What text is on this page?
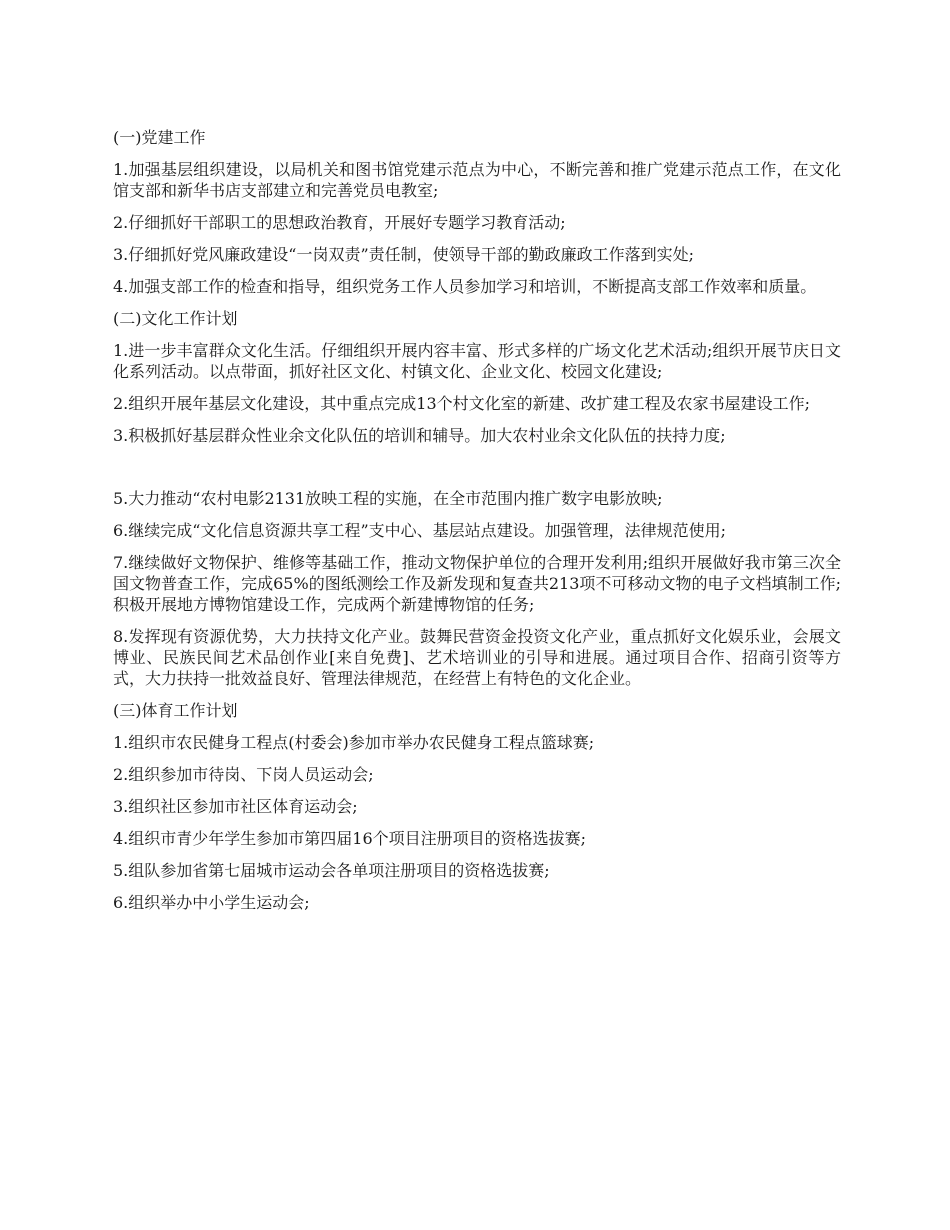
(一)党建工作

1.加强基层组织建设，以局机关和图书馆党建示范点为中心，不断完善和推广党建示范点工作，在文化馆支部和新华书店支部建立和完善党员电教室;

2.仔细抓好干部职工的思想政治教育，开展好专题学习教育活动;

3.仔细抓好党风廉政建设“一岗双责”责任制，使领导干部的勤政廉政工作落到实处;

4.加强支部工作的检查和指导，组织党务工作人员参加学习和培训，不断提高支部工作效率和质量。

(二)文化工作计划

1.进一步丰富群众文化生活。仔细组织开展内容丰富、形式多样的广场文化艺术活动;组织开展节庆日文化系列活动。以点带面，抓好社区文化、村镇文化、企业文化、校园文化建设;

2.组织开展年基层文化建设，其中重点完成13个村文化室的新建、改扩建工程及农家书屋建设工作;

3.积极抓好基层群众性业余文化队伍的培训和辅导。加大农村业余文化队伍的扶持力度;

5.大力推动“农村电影2131放映工程的实施，在全市范围内推广数字电影放映;

6.继续完成“文化信息资源共享工程”支中心、基层站点建设。加强管理，法律规范使用;

7.继续做好文物保护、维修等基础工作，推动文物保护单位的合理开发利用;组织开展做好我市第三次全国文物普查工作，完成65%的图纸测绘工作及新发现和复查共213项不可移动文物的电子文档填制工作;积极开展地方博物馆建设工作，完成两个新建博物馆的任务;

8.发挥现有资源优势，大力扶持文化产业。鼓舞民营资金投资文化产业，重点抓好文化娱乐业，会展文博业、民族民间艺术品创作业[来自免费]、艺术培训业的引导和进展。通过项目合作、招商引资等方式，大力扶持一批效益良好、管理法律规范，在经营上有特色的文化企业。

(三)体育工作计划

1.组织市农民健身工程点(村委会)参加市举办农民健身工程点篮球赛;

2.组织参加市待岗、下岗人员运动会;

3.组织社区参加市社区体育运动会;

4.组织市青少年学生参加市第四届16个项目注册项目的资格选拔赛;

5.组队参加省第七届城市运动会各单项注册项目的资格选拔赛;

6.组织举办中小学生运动会;
